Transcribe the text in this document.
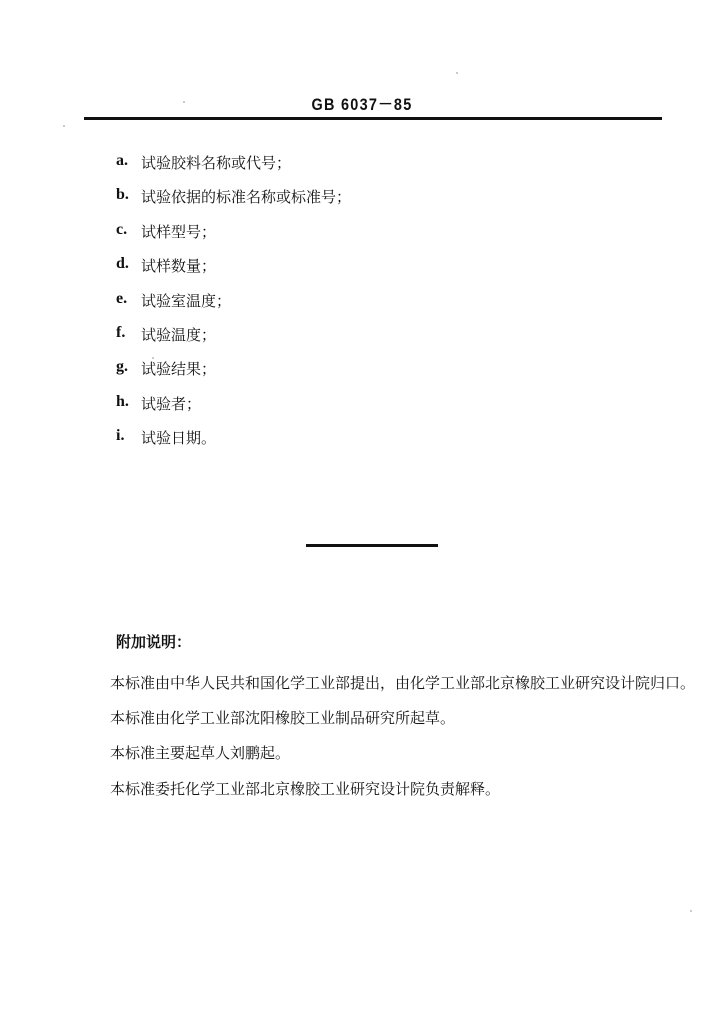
GB 6037－85
a. 试验胶料名称或代号；
b. 试验依据的标准名称或标准号；
c. 试样型号；
d. 试样数量；
e. 试验室温度；
f.	试验温度；
g. 试验结果；
h. 试验者；
i.	试验日期。
附加说明：
本标准由中华人民共和国化学工业部提出，由化学工业部北京橡胶工业研究设计院归口。
本标准由化学工业部沈阳橡胶工业制品研究所起草。
本标准主要起草人刘鹏起。
本标准委托化学工业部北京橡胶工业研究设计院负责解释。
